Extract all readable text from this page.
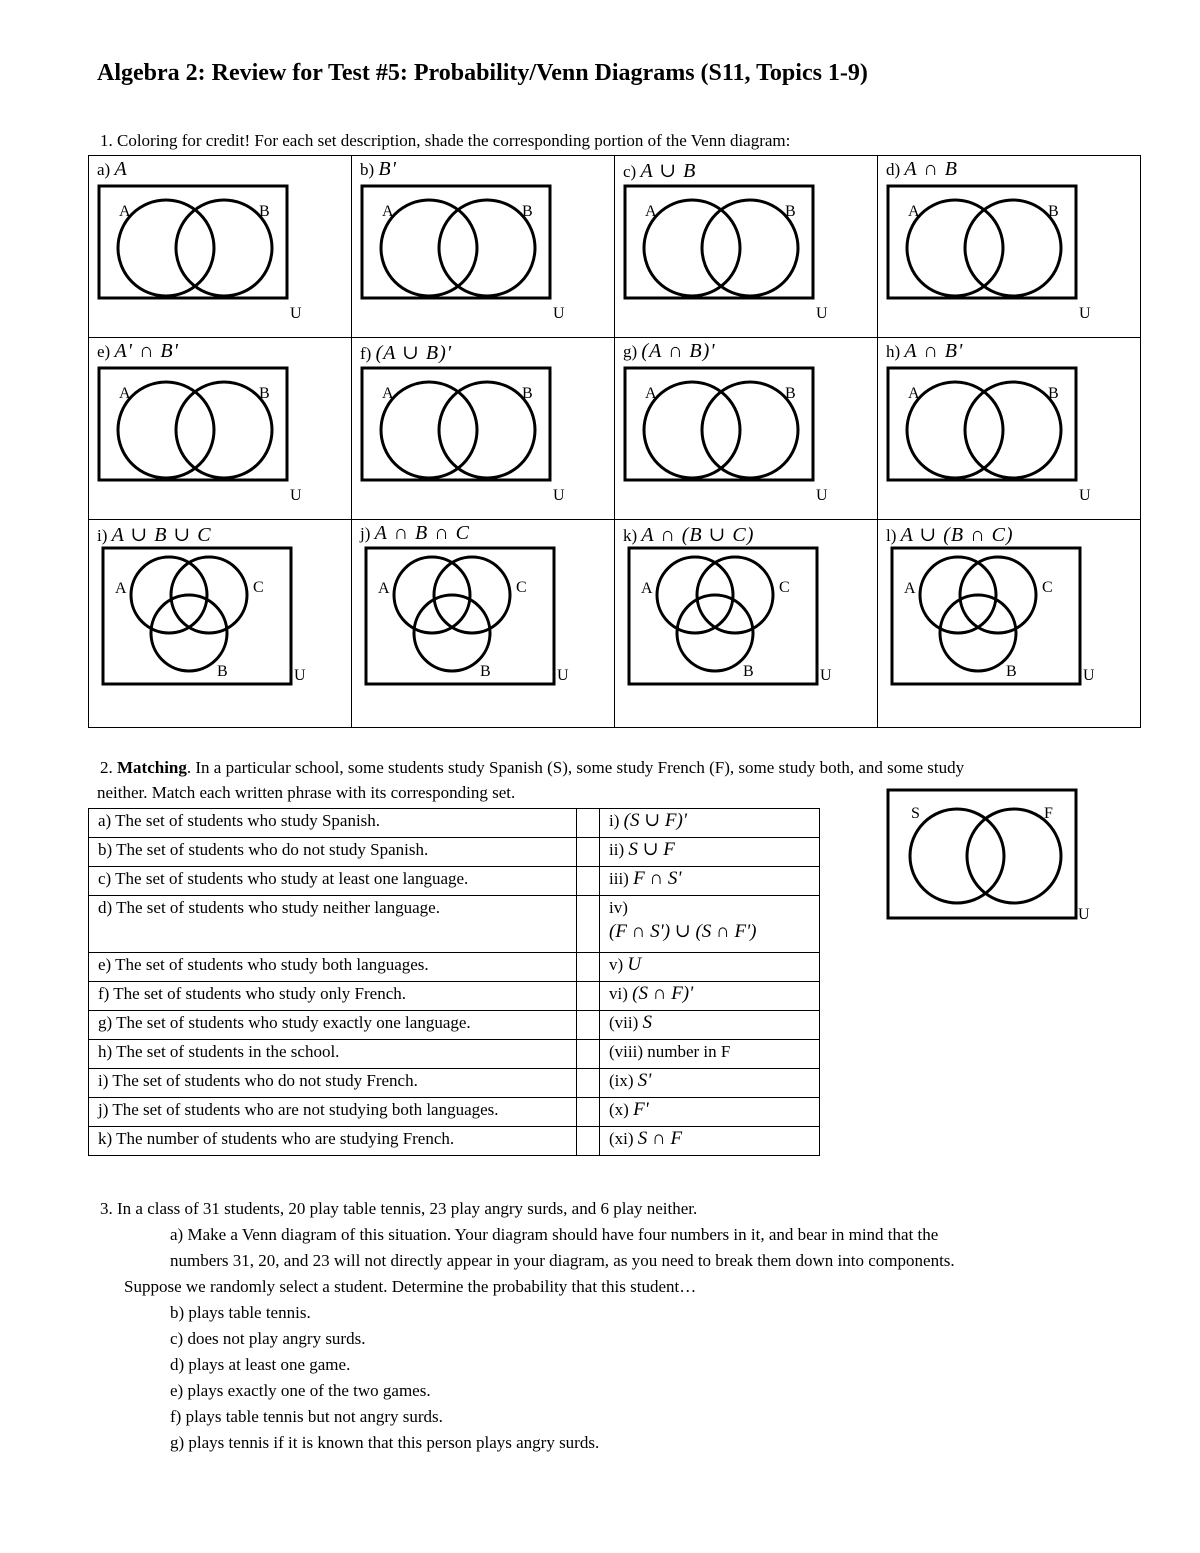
Algebra 2: Review for Test #5: Probability/Venn Diagrams (S11, Topics 1-9)
1. Coloring for credit! For each set description, shade the corresponding portion of the Venn diagram:
a) A
A B
U	b) B'
A B
U	c) A ∪ B
A B
U	d) A ∩ B
A B
U

e) A' ∩ B'
A B
U	f) (A ∪ B)'
A B
U	g) (A ∩ B)'
A B
U	h) A ∩ B'
A B
U

i) A ∪ B ∪ C
A
B
C
U	j) A ∩ B ∩ C
A
B
C
U	k) A ∩ (B ∪ C)
A
B
C
U	l) A ∪ (B ∩ C)
A
B
C
U
2. Matching. In a particular school, some students study Spanish (S), some study French (F), some study both, and some study
neither. Match each written phrase with its corresponding set.
a) The set of students who study Spanish.		i) (S ∪ F)'
b) The set of students who do not study Spanish.		ii) S ∪ F
c) The set of students who study at least one language.		iii) F ∩ S'
d) The set of students who study neither language.		iv)
(F ∩ S') ∪ (S ∩ F')
e) The set of students who study both languages.		v) U
f) The set of students who study only French.		vi) (S ∩ F)'
g) The set of students who study exactly one language.		(vii) S
h) The set of students in the school.		(viii) number in F
i) The set of students who do not study French.		(ix) S'
j) The set of students who are not studying both languages.		(x) F'
k) The number of students who are studying French.		(xi) S ∩ F
S	F
U
3. In a class of 31 students, 20 play table tennis, 23 play angry surds, and 6 play neither.
a) Make a Venn diagram of this situation. Your diagram should have four numbers in it, and bear in mind that the
numbers 31, 20, and 23 will not directly appear in your diagram, as you need to break them down into components.
Suppose we randomly select a student. Determine the probability that this student…
b) plays table tennis.
c) does not play angry surds.
d) plays at least one game.
e) plays exactly one of the two games.
f) plays table tennis but not angry surds.
g) plays tennis if it is known that this person plays angry surds.
